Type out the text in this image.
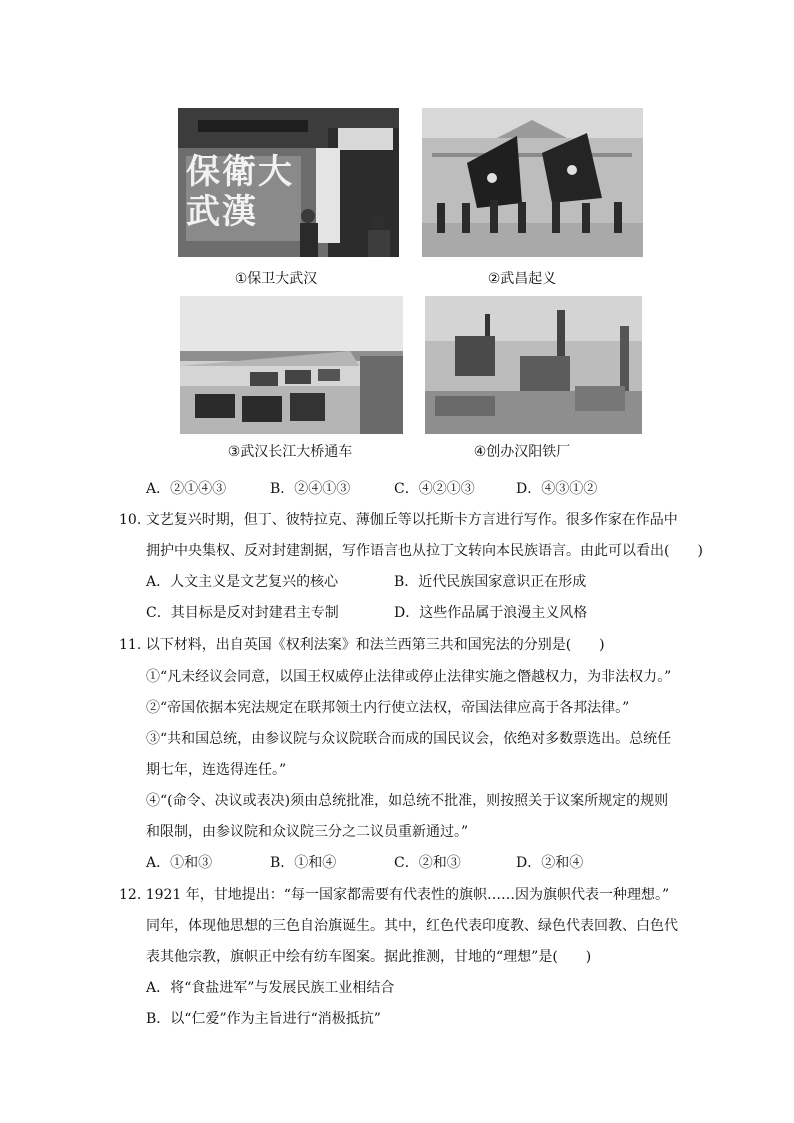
保衛大武漢
①保卫大武汉	②武昌起义
③武汉长江大桥通车	④创办汉阳铁厂
A．②①④③	B．②④①③	C．④②①③	D．④③①②
10. 文艺复兴时期，但丁、彼特拉克、薄伽丘等以托斯卡方言进行写作。很多作家在作品中
拥护中央集权、反对封建割据，写作语言也从拉丁文转向本民族语言。由此可以看出(　　)
A．人文主义是文艺复兴的核心	B．近代民族国家意识正在形成
C．其目标是反对封建君主专制	D．这些作品属于浪漫主义风格
11. 以下材料，出自英国《权利法案》和法兰西第三共和国宪法的分别是(　　)
①“凡未经议会同意，以国王权威停止法律或停止法律实施之僭越权力，为非法权力。”
②“帝国依据本宪法规定在联邦领土内行使立法权，帝国法律应高于各邦法律。”
③“共和国总统，由参议院与众议院联合而成的国民议会，依绝对多数票选出。总统任
期七年，连选得连任。”
④“(命令、决议或表决)须由总统批准，如总统不批准，则按照关于议案所规定的规则
和限制，由参议院和众议院三分之二议员重新通过。”
A．①和③	B．①和④	C．②和③	D．②和④
12. 1921 年，甘地提出：“每一国家都需要有代表性的旗帜……因为旗帜代表一种理想。”
同年，体现他思想的三色自治旗诞生。其中，红色代表印度教、绿色代表回教、白色代
表其他宗教，旗帜正中绘有纺车图案。据此推测，甘地的“理想”是(　　)
A．将“食盐进军”与发展民族工业相结合
B．以“仁爱”作为主旨进行“消极抵抗”
